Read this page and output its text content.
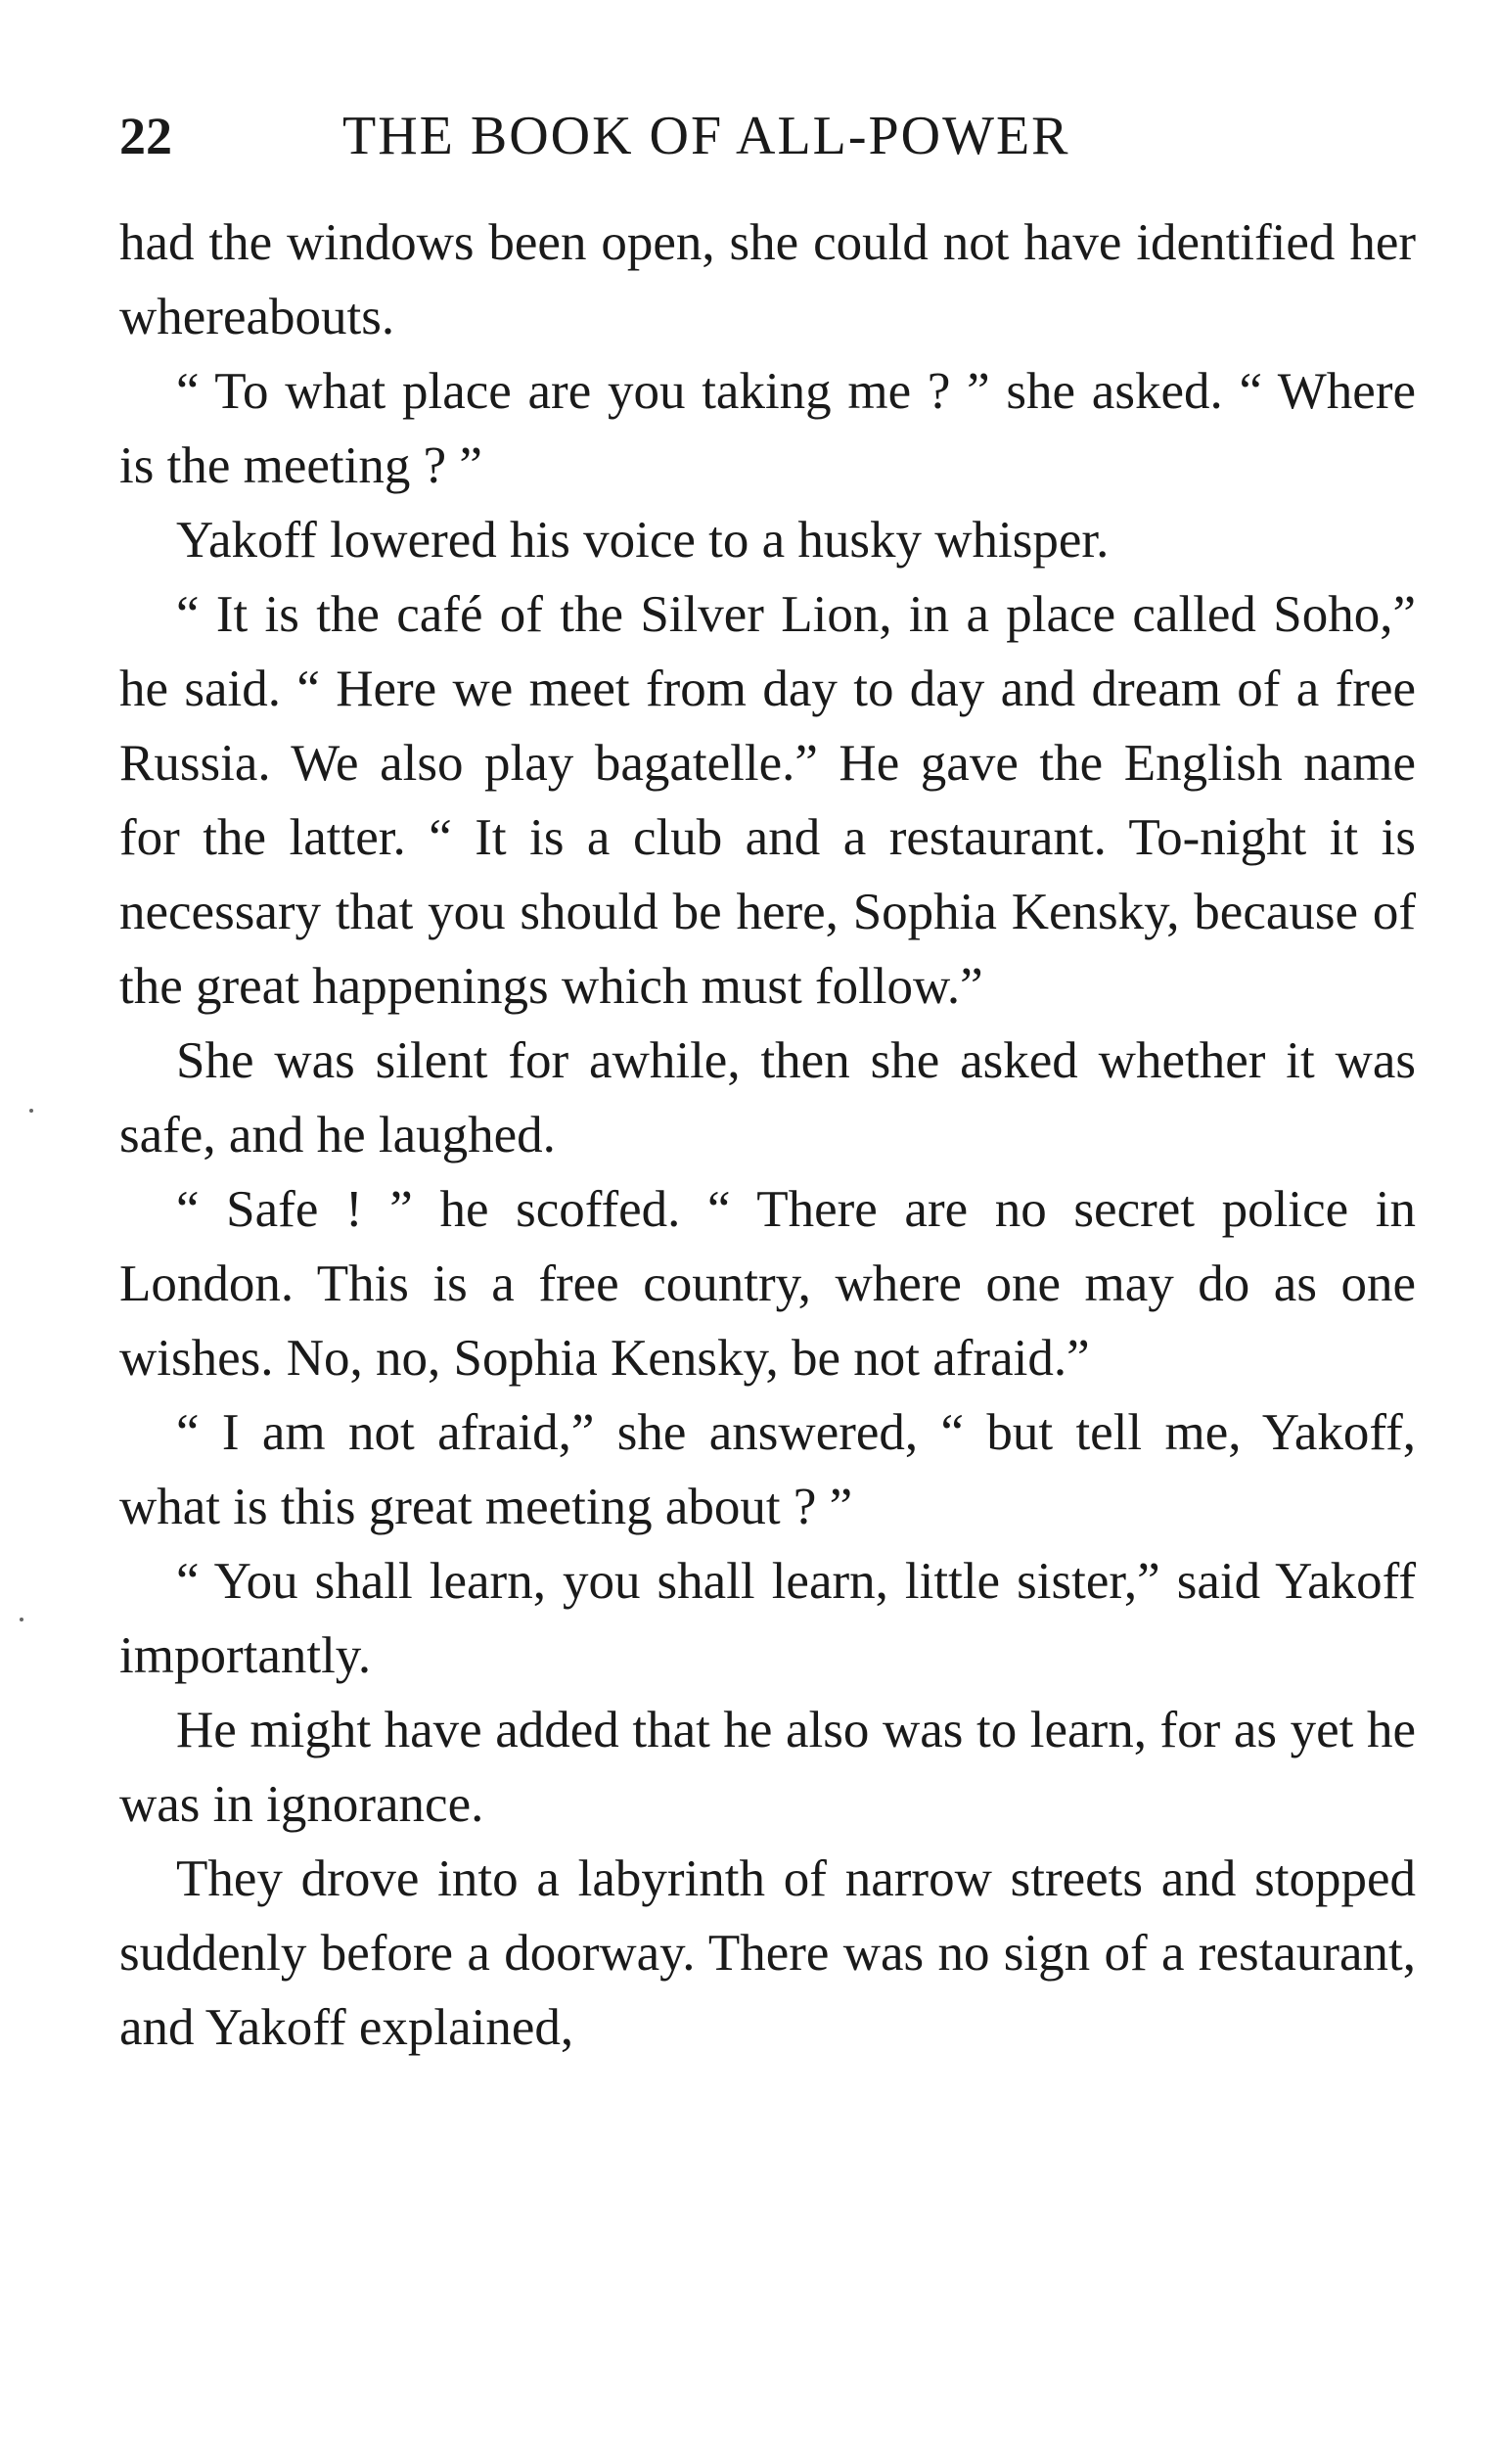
22	THE BOOK OF ALL-POWER

had the windows been open, she could not have identified her whereabouts.

“ To what place are you taking me ? ” she asked. “ Where is the meeting ? ”

Yakoff lowered his voice to a husky whisper.

“ It is the café of the Silver Lion, in a place called Soho,” he said. “ Here we meet from day to day and dream of a free Russia. We also play bagatelle.” He gave the English name for the latter. “ It is a club and a restaurant. To-night it is necessary that you should be here, Sophia Kensky, because of the great happenings which must follow.”

She was silent for awhile, then she asked whether it was safe, and he laughed.

“ Safe ! ” he scoffed. “ There are no secret police in London. This is a free country, where one may do as one wishes. No, no, Sophia Kensky, be not afraid.”

“ I am not afraid,” she answered, “ but tell me, Yakoff, what is this great meeting about ? ”

“ You shall learn, you shall learn, little sister,” said Yakoff importantly.

He might have added that he also was to learn, for as yet he was in ignorance.

They drove into a labyrinth of narrow streets and stopped suddenly before a doorway. There was no sign of a restaurant, and Yakoff explained,
